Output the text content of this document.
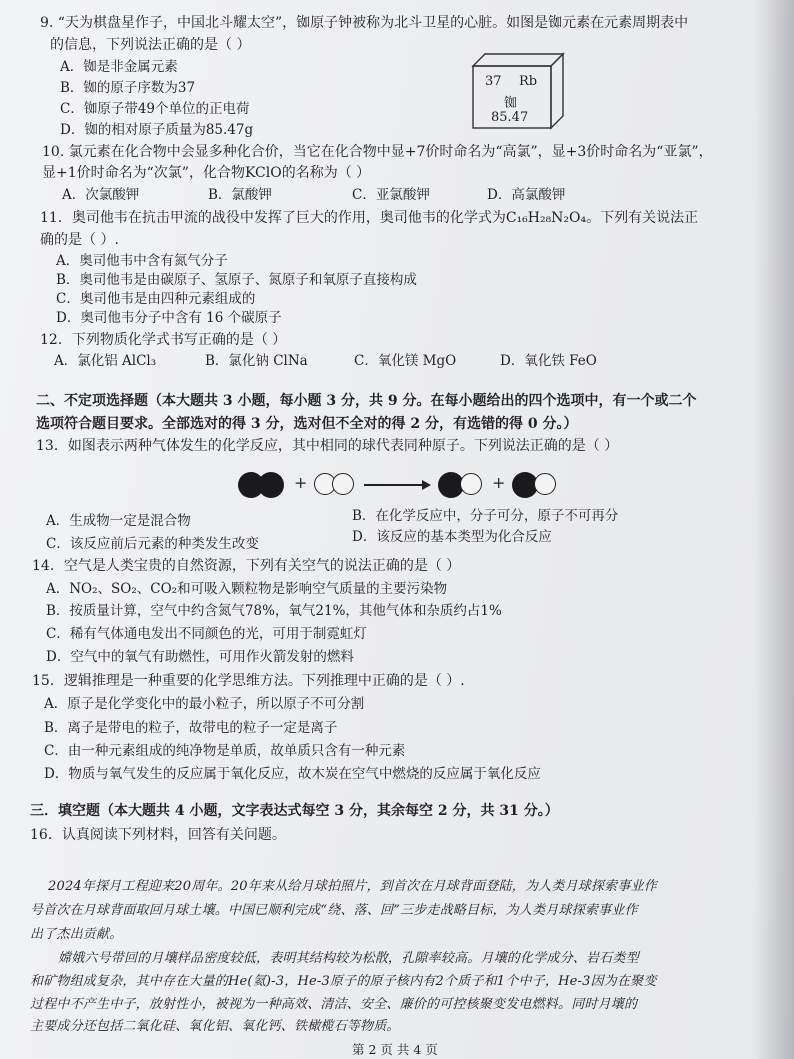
9. “天为棋盘星作子，中国北斗耀太空”，铷原子钟被称为北斗卫星的心脏。如图是铷元素在元素周期表中
的信息，下列说法正确的是（ ）
A．铷是非金属元素
B．铷的原子序数为37
C．铷原子带49个单位的正电荷
D．铷的相对原子质量为85.47g
37 Rb
铷
85.47
10. 氯元素在化合物中会显多种化合价，当它在化合物中显+7价时命名为“高氯”，显+3价时命名为“亚氯”，
显+1价时命名为“次氯”，化合物KClO的名称为（ ）
A．次氯酸钾	B．氯酸钾	C．亚氯酸钾	D．高氯酸钾
11．奥司他韦在抗击甲流的战役中发挥了巨大的作用，奥司他韦的化学式为C₁₆H₂₈N₂O₄。下列有关说法正
确的是（ ）.
A．奥司他韦中含有氮气分子
B．奥司他韦是由碳原子、氢原子、氮原子和氧原子直接构成
C．奥司他韦是由四种元素组成的
D．奥司他韦分子中含有 16 个碳原子
12．下列物质化学式书写正确的是（ ）
A．氯化铝 AlCl₃	B．氯化钠 ClNa	C．氧化镁 MgO	D．氧化铁 FeO
二、不定项选择题（本大题共 3 小题，每小题 3 分，共 9 分。在每小题给出的四个选项中，有一个或二个
选项符合题目要求。全部选对的得 3 分，选对但不全对的得 2 分，有选错的得 0 分。）
13．如图表示两种气体发生的化学反应，其中相同的球代表同种原子。下列说法正确的是（ ）
+	+
A．生成物一定是混合物	B．在化学反应中，分子可分，原子不可再分
C．该反应前后元素的种类发生改变	D．该反应的基本类型为化合反应
14．空气是人类宝贵的自然资源，下列有关空气的说法正确的是（ ）
A．NO₂、SO₂、CO₂和可吸入颗粒物是影响空气质量的主要污染物
B．按质量计算，空气中约含氮气78%，氧气21%，其他气体和杂质约占1%
C．稀有气体通电发出不同颜色的光，可用于制霓虹灯
D．空气中的氧气有助燃性，可用作火箭发射的燃料
15．逻辑推理是一种重要的化学思维方法。下列推理中正确的是（ ）.
A．原子是化学变化中的最小粒子，所以原子不可分割
B．离子是带电的粒子，故带电的粒子一定是离子
C．由一种元素组成的纯净物是单质，故单质只含有一种元素
D．物质与氧气发生的反应属于氧化反应，故木炭在空气中燃烧的反应属于氧化反应
三．填空题（本大题共 4 小题，文字表达式每空 3 分，其余每空 2 分，共 31 分。）
16．认真阅读下列材料，回答有关问题。
2024年探月工程迎来20周年。20年来从给月球拍照片，到首次在月球背面登陆，为人类月球探索事业作
号首次在月球背面取回月球土壤。中国已顺利完成“绕、落、回”三步走战略目标，为人类月球探索事业作
出了杰出贡献。
嫦娥六号带回的月壤样品密度较低，表明其结构较为松散，孔隙率较高。月壤的化学成分、岩石类型
和矿物组成复杂，其中存在大量的He(氦)-3，He-3原子的原子核内有2个质子和1个中子，He-3因为在聚变
过程中不产生中子，放射性小，被视为一种高效、清洁、安全、廉价的可控核聚变发电燃料。同时月壤的
主要成分还包括二氧化硅、氧化铝、氧化钙、铁橄榄石等物质。
第 2 页 共 4 页
